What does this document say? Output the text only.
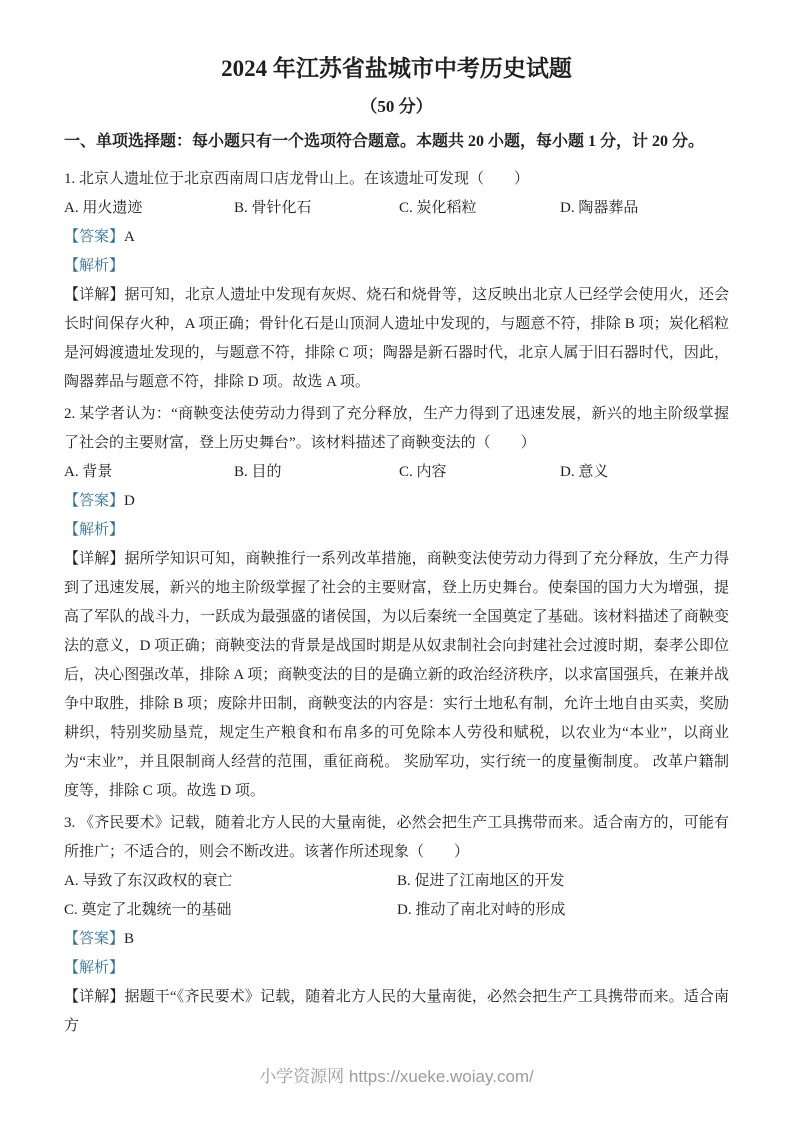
2024 年江苏省盐城市中考历史试题
（50 分）
一、单项选择题：每小题只有一个选项符合题意。本题共 20 小题，每小题 1 分，计 20 分。
1. 北京人遗址位于北京西南周口店龙骨山上。在该遗址可发现（　　）
A. 用火遗迹	B. 骨针化石	C. 炭化稻粒	D. 陶器葬品
【答案】A
【解析】
【详解】据可知，北京人遗址中发现有灰烬、烧石和烧骨等，这反映出北京人已经学会使用火，还会长时间保存火种，A 项正确；骨针化石是山顶洞人遗址中发现的，与题意不符，排除 B 项；炭化稻粒是河姆渡遗址发现的，与题意不符，排除 C 项；陶器是新石器时代，北京人属于旧石器时代，因此，陶器葬品与题意不符，排除 D 项。故选 A 项。
2. 某学者认为：“商鞅变法使劳动力得到了充分释放，生产力得到了迅速发展，新兴的地主阶级掌握了社会的主要财富，登上历史舞台”。该材料描述了商鞅变法的（　　）
A. 背景	B. 目的	C. 内容	D. 意义
【答案】D
【解析】
【详解】据所学知识可知，商鞅推行一系列改革措施，商鞅变法使劳动力得到了充分释放，生产力得到了迅速发展，新兴的地主阶级掌握了社会的主要财富，登上历史舞台。使秦国的国力大为增强，提高了军队的战斗力，一跃成为最强盛的诸侯国，为以后秦统一全国奠定了基础。该材料描述了商鞅变法的意义，D 项正确；商鞅变法的背景是战国时期是从奴隶制社会向封建社会过渡时期，秦孝公即位后，决心图强改革，排除 A 项；商鞅变法的目的是确立新的政治经济秩序，以求富国强兵，在兼并战争中取胜，排除 B 项；废除井田制，商鞅变法的内容是：实行土地私有制，允许土地自由买卖，奖励耕织，特别奖励垦荒，规定生产粮食和布帛多的可免除本人劳役和赋税，以农业为“本业”，以商业为“末业”，并且限制商人经营的范围，重征商税。 奖励军功，实行统一的度量衡制度。 改革户籍制度等，排除 C 项。故选 D 项。
3. 《齐民要术》记载，随着北方人民的大量南徙，必然会把生产工具携带而来。适合南方的，可能有所推广；不适合的，则会不断改进。该著作所述现象（　　）
A. 导致了东汉政权的衰亡	B. 促进了江南地区的开发
C. 奠定了北魏统一的基础	D. 推动了南北对峙的形成
【答案】B
【解析】
【详解】据题干“《齐民要术》记载，随着北方人民的大量南徙，必然会把生产工具携带而来。适合南方
小学资源网 https://xueke.woiay.com/
